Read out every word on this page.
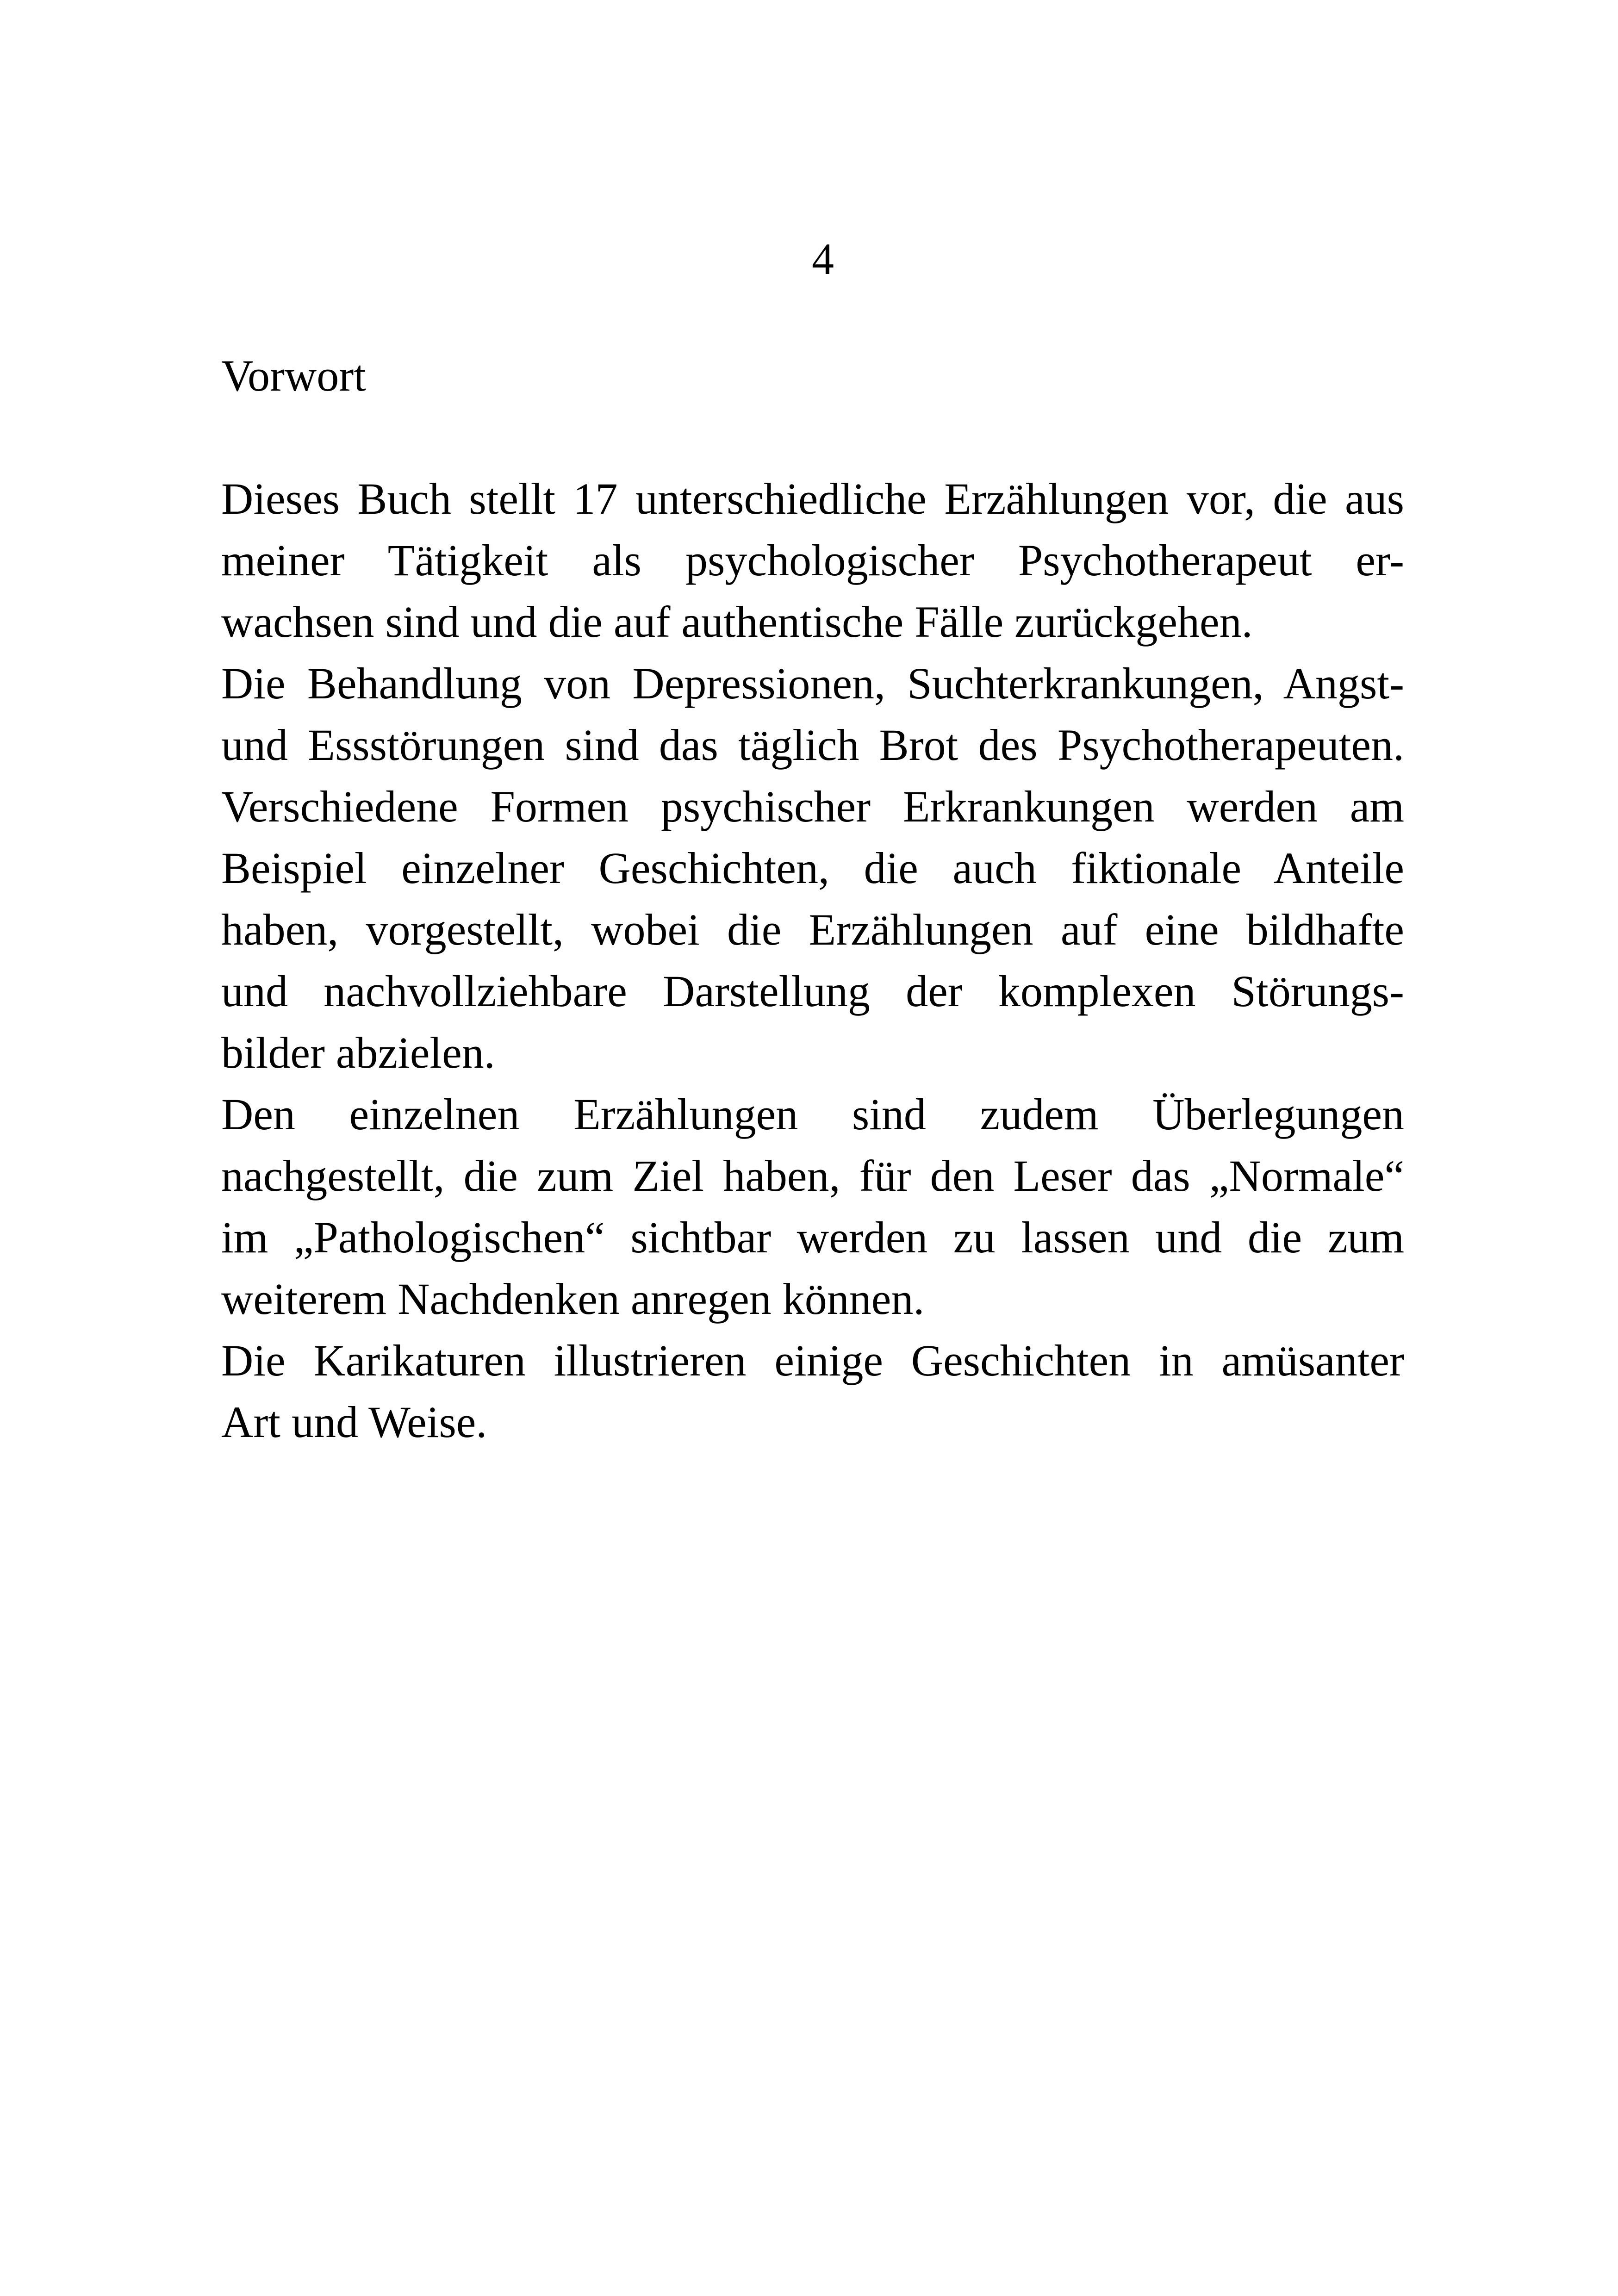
4
Vorwort

Dieses Buch stellt 17 unterschiedliche Erzählungen vor, die aus
meiner Tätigkeit als psychologischer Psychotherapeut er-
wachsen sind und die auf authentische Fälle zurückgehen.

Die Behandlung von Depressionen, Suchterkrankungen, Angst-
und Essstörungen sind das täglich Brot des Psychotherapeuten.
Verschiedene Formen psychischer Erkrankungen werden am
Beispiel einzelner Geschichten, die auch fiktionale Anteile
haben, vorgestellt, wobei die Erzählungen auf eine bildhafte
und nachvollziehbare Darstellung der komplexen Störungs-
bilder abzielen.

Den einzelnen Erzählungen sind zudem Überlegungen
nachgestellt, die zum Ziel haben, für den Leser das „Normale“
im „Pathologischen“ sichtbar werden zu lassen und die zum
weiterem Nachdenken anregen können.

Die Karikaturen illustrieren einige Geschichten in amüsanter
Art und Weise.
